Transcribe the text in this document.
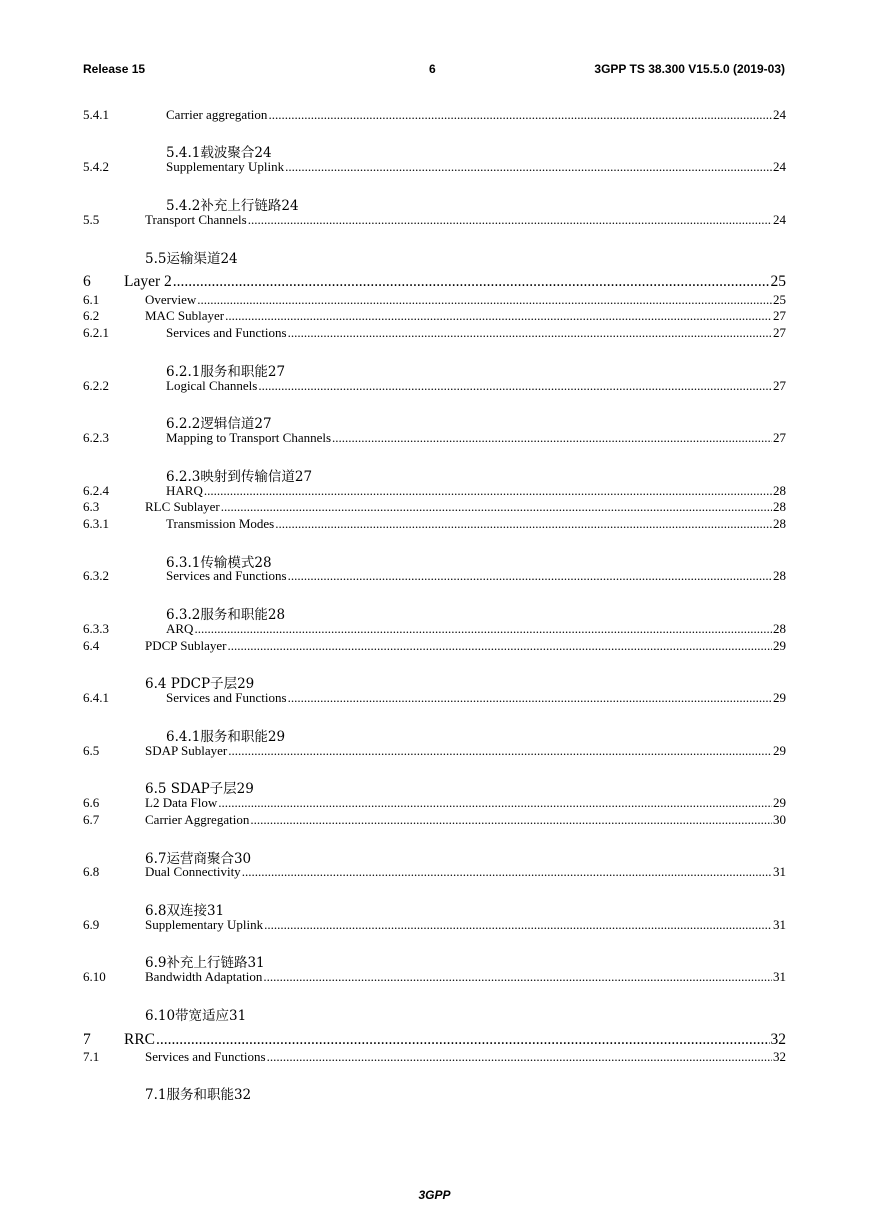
Release 15	6	3GPP TS 38.300 V15.5.0 (2019-03)
5.4.1	Carrier aggregation .....	24
5.4.1载波聚合24
5.4.2	Supplementary Uplink .....	24
5.4.2补充上行链路24
5.5	Transport Channels .....	24
5.5运输渠道24
6 Layer 2 .....	25
6.1	Overview .....	25
6.2	MAC Sublayer .....	27
6.2.1	Services and Functions .....	27
6.2.1服务和职能27
6.2.2	Logical Channels .....	27
6.2.2逻辑信道27
6.2.3	Mapping to Transport Channels .....	27
6.2.3映射到传输信道27
6.2.4	HARQ .....	28
6.3	RLC Sublayer .....	28
6.3.1	Transmission Modes .....	28
6.3.1传输模式28
6.3.2	Services and Functions .....	28
6.3.2服务和职能28
6.3.3	ARQ .....	28
6.4	PDCP Sublayer .....	29
6.4 PDCP子层29
6.4.1	Services and Functions .....	29
6.4.1服务和职能29
6.5	SDAP Sublayer .....	29
6.5 SDAP子层29
6.6	L2 Data Flow .....	29
6.7	Carrier Aggregation .....	30
6.7运营商聚合30
6.8	Dual Connectivity .....	31
6.8双连接31
6.9	Supplementary Uplink .....	31
6.9补充上行链路31
6.10	Bandwidth Adaptation .....	31
6.10带宽适应31
7 RRC .....	32
7.1	Services and Functions .....	32
7.1服务和职能32
3GPP
